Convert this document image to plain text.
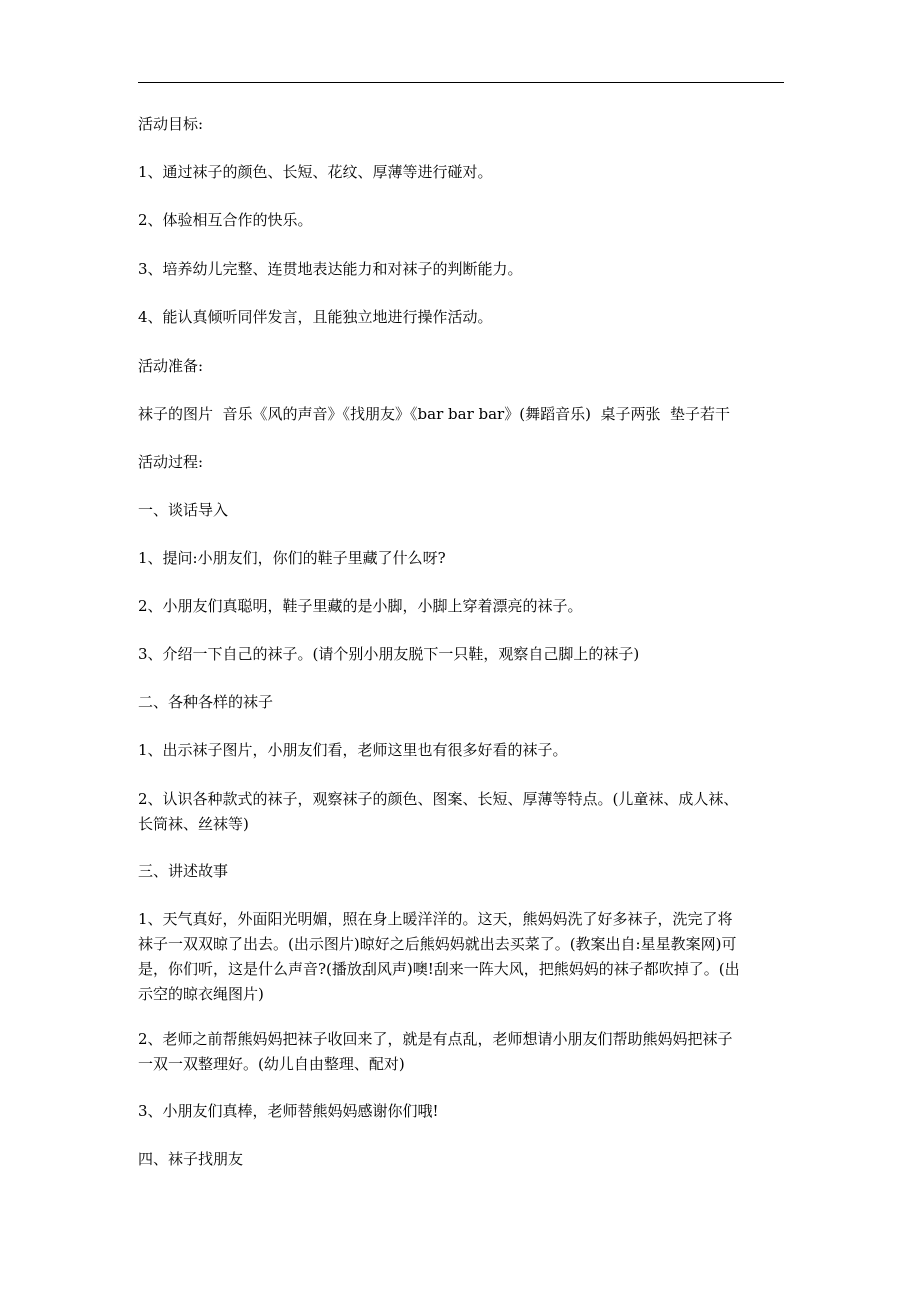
活动目标:

1、通过袜子的颜色、长短、花纹、厚薄等进行碰对。

2、体验相互合作的快乐。

3、培养幼儿完整、连贯地表达能力和对袜子的判断能力。

4、能认真倾听同伴发言，且能独立地进行操作活动。

活动准备:

袜子的图片  音乐《风的声音》《找朋友》《bar bar bar》(舞蹈音乐)  桌子两张  垫子若干

活动过程:

一、谈话导入

1、提问:小朋友们，你们的鞋子里藏了什么呀?

2、小朋友们真聪明，鞋子里藏的是小脚，小脚上穿着漂亮的袜子。

3、介绍一下自己的袜子。(请个别小朋友脱下一只鞋，观察自己脚上的袜子)

二、各种各样的袜子

1、出示袜子图片，小朋友们看，老师这里也有很多好看的袜子。

2、认识各种款式的袜子，观察袜子的颜色、图案、长短、厚薄等特点。(儿童袜、成人袜、
长筒袜、丝袜等)

三、讲述故事

1、天气真好，外面阳光明媚，照在身上暖洋洋的。这天，熊妈妈洗了好多袜子，洗完了将
袜子一双双晾了出去。(出示图片)晾好之后熊妈妈就出去买菜了。(教案出自:星星教案网)可
是，你们听，这是什么声音?(播放刮风声)噢!刮来一阵大风，把熊妈妈的袜子都吹掉了。(出
示空的晾衣绳图片)

2、老师之前帮熊妈妈把袜子收回来了，就是有点乱，老师想请小朋友们帮助熊妈妈把袜子
一双一双整理好。(幼儿自由整理、配对)

3、小朋友们真棒，老师替熊妈妈感谢你们哦!

四、袜子找朋友
